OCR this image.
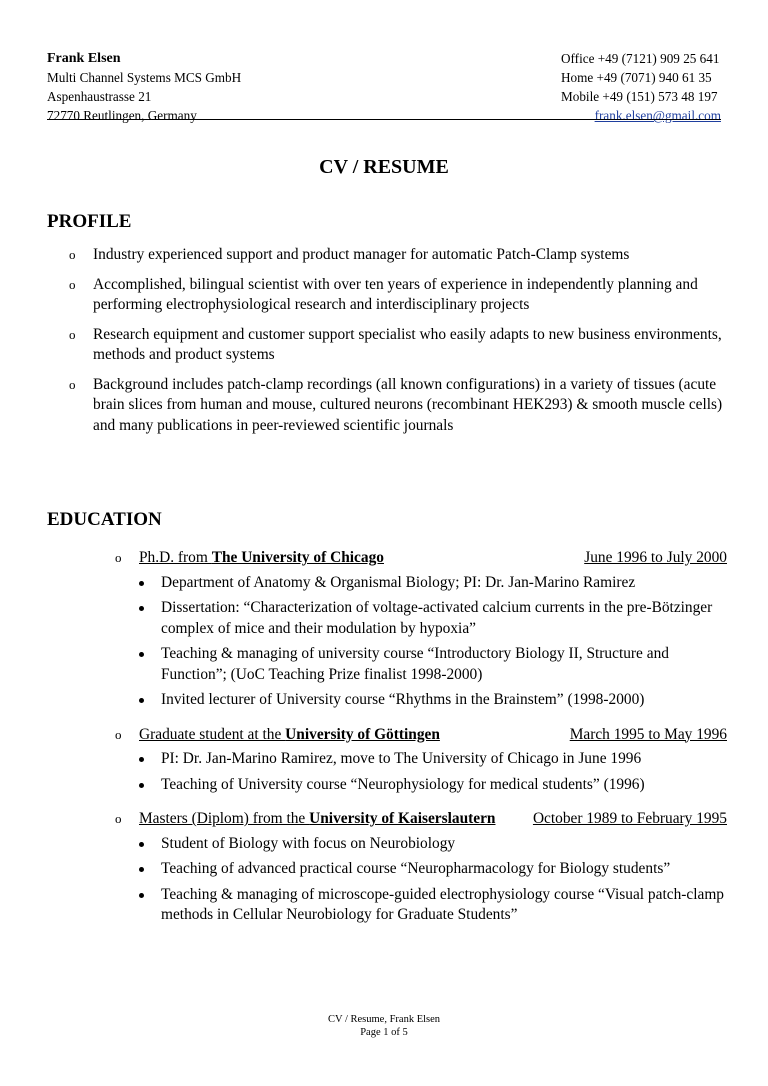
Frank Elsen
Multi Channel Systems MCS GmbH
Aspenhaustrasse 21
72770 Reutlingen, Germany
Office +49 (7121) 909 25 641
Home +49 (7071) 940 61 35
Mobile +49 (151) 573 48 197
frank.elsen@gmail.com
CV / RESUME
PROFILE
o Industry experienced support and product manager for automatic Patch-Clamp systems
o Accomplished, bilingual scientist with over ten years of experience in independently planning and performing electrophysiological research and interdisciplinary projects
o Research equipment and customer support specialist who easily adapts to new business environments, methods and product systems
o Background includes patch-clamp recordings (all known configurations) in a variety of tissues (acute brain slices from human and mouse, cultured neurons (recombinant HEK293) & smooth muscle cells) and many publications in peer-reviewed scientific journals
EDUCATION
o Ph.D. from The University of Chicago	June 1996 to July 2000
Department of Anatomy & Organismal Biology; PI: Dr. Jan-Marino Ramirez
Dissertation: “Characterization of voltage-activated calcium currents in the pre-Bötzinger complex of mice and their modulation by hypoxia”
Teaching & managing of university course “Introductory Biology II, Structure and Function”; (UoC Teaching Prize finalist 1998-2000)
Invited lecturer of University course “Rhythms in the Brainstem” (1998-2000)
o Graduate student at the University of Göttingen	March 1995 to May 1996
PI: Dr. Jan-Marino Ramirez, move to The University of Chicago in June 1996
Teaching of University course “Neurophysiology for medical students” (1996)
o Masters (Diplom) from the University of Kaiserslautern October 1989 to February 1995
Student of Biology with focus on Neurobiology
Teaching of advanced practical course “Neuropharmacology for Biology students”
Teaching & managing of microscope-guided electrophysiology course “Visual patch-clamp methods in Cellular Neurobiology for Graduate Students”
CV / Resume, Frank Elsen
Page 1 of 5
